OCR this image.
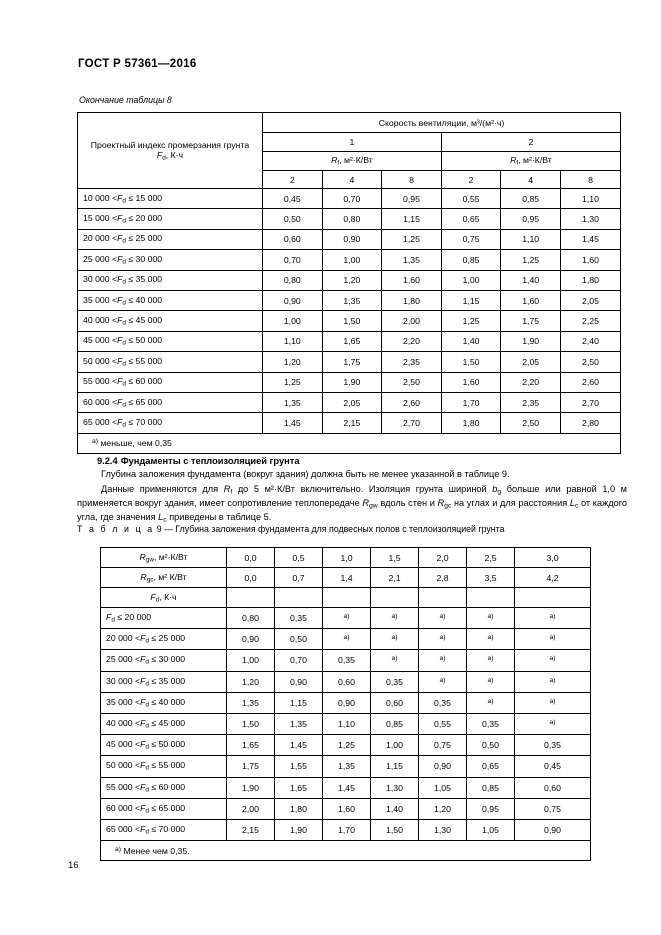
ГОСТ Р 57361—2016
Окончание таблицы 8
Проектный индекс промерзания грунта
$F_d$, К·ч	Скорость вентиляции, м³/(м²·ч)					
	1			2		
	$R_f$, м²·К/Вт			$R_f$, м²·К/Вт		
	2	4	8	2	4	8
10 $000 <F_d \le 15$ 000	0,45	0,70	0,95	0,55	0,85	1,10
15 $000 <F_d \le 20$ 000	0,50	0,80	1,15	0,65	0,95	1,30
20 $000 <F_d \le 25$ 000	0,60	0,90	1,25	0,75	1,10	1,45
25 $000 <F_d \le 30$ 000	0,70	1,00	1,35	0,85	1,25	1,60
30 $000 <F_d \le 35$ 000	0,80	1,20	1,60	1,00	1,40	1,80
35 $000 <F_d \le 40$ 000	0,90	1,35	1,80	1,15	1,60	2,05
40 $000 <F_d \le 45$ 000	1,00	1,50	2,00	1,25	1,75	2,25
45 $000 <F_d \le 50$ 000	1,10	1,65	2,20	1,40	1,90	2,40
50 $000 <F_d \le 55$ 000	1,20	1,75	2,35	1,50	2,05	2,50
55 $000 <F_d \le 60$ 000	1,25	1,90	2,50	1,60	2,20	2,60
60 $000 <F_d \le 65$ 000	1,35	2,05	2,60	1,70	2,35	2,70
65 $000 <F_d \le 70$ 000	1,45	2,15	2,70	1,80	2,50	2,80
$^{a)}$ меньше, чем 0,35						
9.2.4 Фундаменты с теплоизоляцией грунта
Глубина заложения фундамента (вокруг здания) должна быть не менее указанной в таблице 9.
Данные применяются для $R_f$ до 5 м²·К/Вт включительно. Изоляция грунта шириной $b_g$ больше или равной 1,0 м применяется вокруг здания, имеет сопротивление теплопередаче $R_{gw}$ вдоль стен и $R_{gc}$ на углах и для расстояния $L_c$ от каждого угла, где значения $L_c$ приведены в таблице 5.
Т а б л и ц а 9 — Глубина заложения фундамента для подвесных полов с теплоизоляцией грунта
$R_{gw}$, м²·К/Вт	0,0	0,5	1,0	1,5	2,0	2,5	3,0
$R_{gc}$, м² К/Вт	0,0	0,7	1,4	2,1	2,8	3,5	4,2
$F_d$, К·ч							
$F_d \le 20$ 000	0,80	0,35	$^{a)}$	$^{a)}$	$^{a)}$	$^{a)}$	$^{a)}$
20 $000 <F_d \le 25$ 000	0,90	0,50	$^{a)}$	$^{a)}$	$^{a)}$	$^{a)}$	$^{a)}$
25 $000 <F_d \le 30$ 000	1,00	0,70	0,35	$^{a)}$	$^{a)}$	$^{a)}$	$^{a)}$
30 $000 <F_d \le 35$ 000	1,20	0,90	0,60	0,35	$^{a)}$	$^{a)}$	$^{a)}$
35 $000 <F_d \le 40$ 000	1,35	1,15	0,90	0,60	0,35	$^{a)}$	$^{a)}$
40 $000 <F_d \le 45$ 000	1,50	1,35	1,10	0,85	0,55	0,35	$^{a)}$
45 $000 <F_d \le 50$ 000	1,65	1,45	1,25	1,00	0,75	0,50	0,35
50 $000 <F_d \le 55$ 000	1,75	1,55	1,35	1,15	0,90	0,65	0,45
55 $000 <F_d \le 60$ 000	1,90	1,65	1,45	1,30	1,05	0,85	0,60
60 $000 <F_d \le 65$ 000	2,00	1,80	1,60	1,40	1,20	0,95	0,75
65 $000 <F_d \le 70$ 000	2,15	1,90	1,70	1,50	1,30	1,05	0,90
$^{a)}$ Менее чем 0,35.							
16
